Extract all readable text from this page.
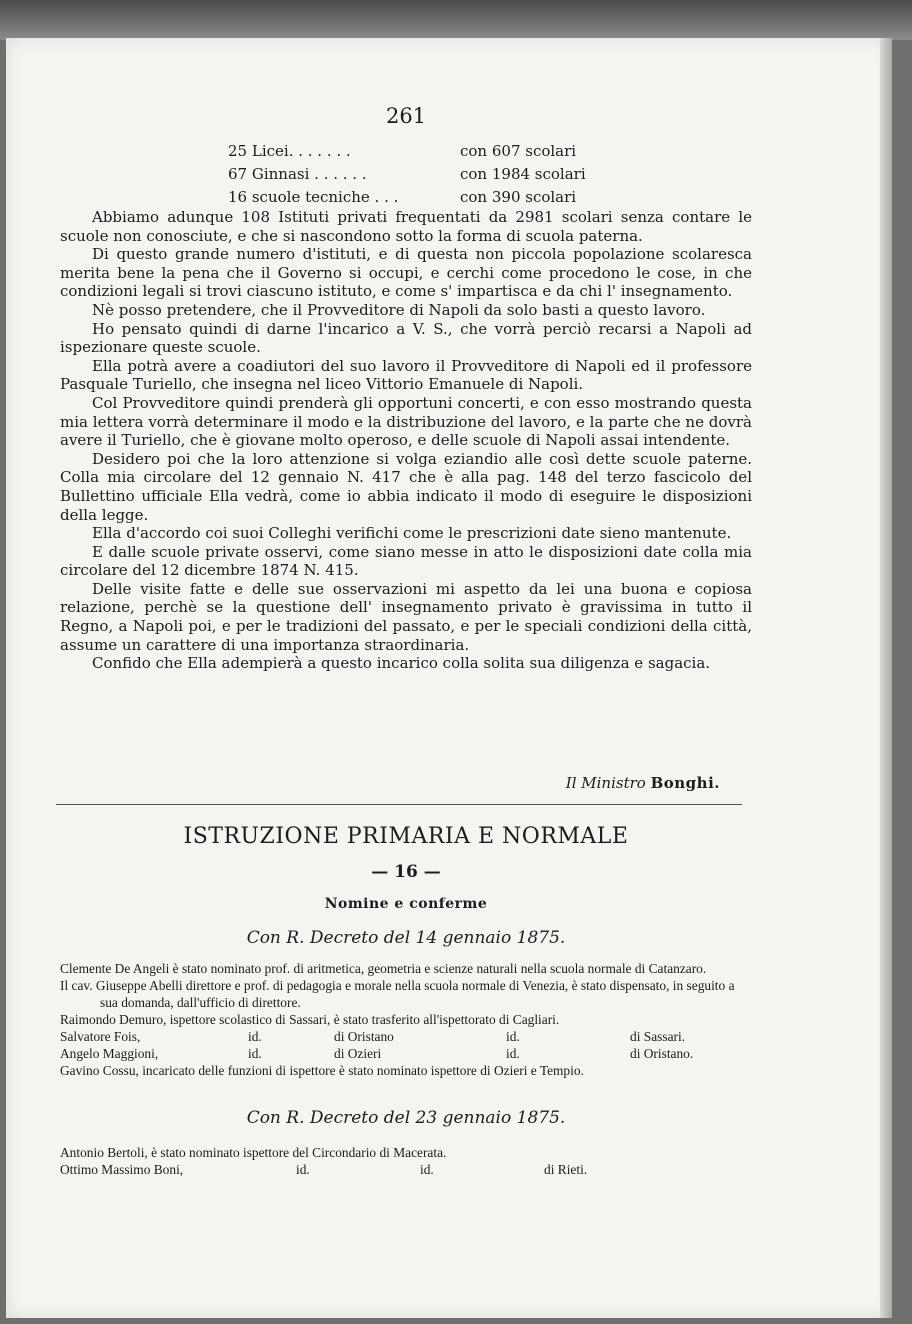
261
25 Licei. . . . . . .	con 607 scolari
67 Ginnasi . . . . . .	con 1984 scolari
16 scuole tecniche . . .	con 390 scolari

Abbiamo adunque 108 Istituti privati frequentati da 2981 scolari senza contare le scuole non conosciute, e che si nascondono sotto la forma di scuola paterna.

Di questo grande numero d'istituti, e di questa non piccola popolazione scolaresca merita bene la pena che il Governo si occupi, e cerchi come procedono le cose, in che condizioni legali si trovi ciascuno istituto, e come s' impartisca e da chi l' insegnamento.

Nè posso pretendere, che il Provveditore di Napoli da solo basti a questo lavoro.

Ho pensato quindi di darne l'incarico a V. S., che vorrà perciò recarsi a Napoli ad ispezionare queste scuole.

Ella potrà avere a coadiutori del suo lavoro il Provveditore di Napoli ed il professore Pasquale Turiello, che insegna nel liceo Vittorio Emanuele di Napoli.

Col Provveditore quindi prenderà gli opportuni concerti, e con esso mostrando questa mia lettera vorrà determinare il modo e la distribuzione del lavoro, e la parte che ne dovrà avere il Turiello, che è giovane molto operoso, e delle scuole di Napoli assai intendente.

Desidero poi che la loro attenzione si volga eziandio alle così dette scuole paterne. Colla mia circolare del 12 gennaio N. 417 che è alla pag. 148 del terzo fascicolo del Bullettino ufficiale Ella vedrà, come io abbia indicato il modo di eseguire le disposizioni della legge.

Ella d'accordo coi suoi Colleghi verifichi come le prescrizioni date sieno mantenute.

E dalle scuole private osservi, come siano messe in atto le disposizioni date colla mia circolare del 12 dicembre 1874 N. 415.

Delle visite fatte e delle sue osservazioni mi aspetto da lei una buona e copiosa relazione, perchè se la questione dell' insegnamento privato è gravissima in tutto il Regno, a Napoli poi, e per le tradizioni del passato, e per le speciali condizioni della città, assume un carattere di una importanza straordinaria.

Confido che Ella adempierà a questo incarico colla solita sua diligenza e sagacia.

Il Ministro Bonghi.
ISTRUZIONE PRIMARIA E NORMALE
— 16 —
Nomine e conferme
Con R. Decreto del 14 gennaio 1875.

Clemente De Angeli è stato nominato prof. di aritmetica, geometria e scienze naturali nella scuola normale di Catanzaro.

Il cav. Giuseppe Abelli direttore e prof. di pedagogia e morale nella scuola normale di Venezia, è stato dispensato, in seguito a sua domanda, dall'ufficio di direttore.

Raimondo Demuro, ispettore scolastico di Sassari, è stato trasferito all'ispettorato di Cagliari.

Salvatore Fois,	id.	di Oristano	id.	di Sassari.
Angelo Maggioni,	id.	di Ozieri	id.	di Oristano.

Gavino Cossu, incaricato delle funzioni di ispettore è stato nominato ispettore di Ozieri e Tempio.

Con R. Decreto del 23 gennaio 1875.

Antonio Bertoli, è stato nominato ispettore del Circondario di Macerata.

Ottimo Massimo Boni,	id.	id.	di Rieti.
